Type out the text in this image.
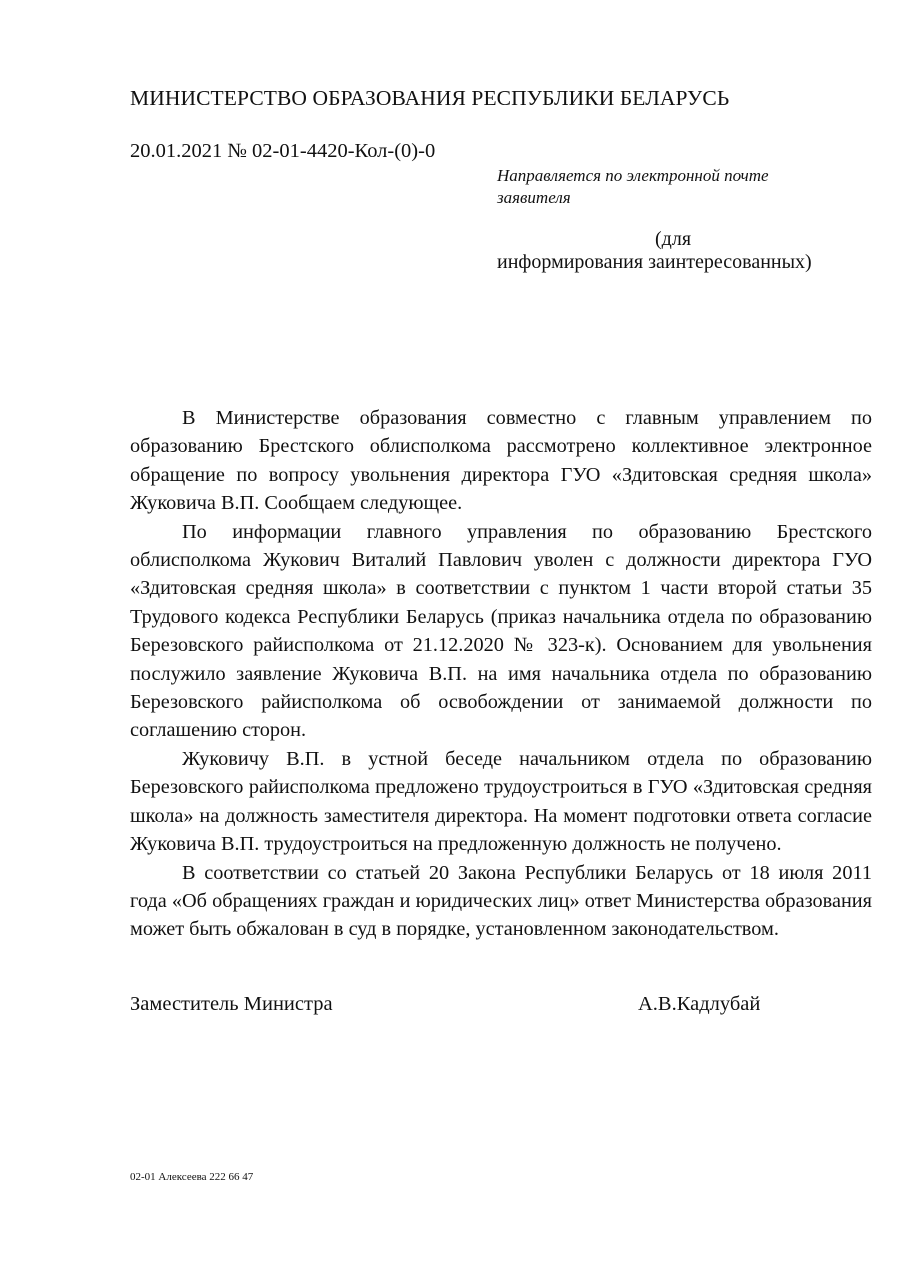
МИНИСТЕРСТВО ОБРАЗОВАНИЯ РЕСПУБЛИКИ БЕЛАРУСЬ
20.01.2021 № 02-01-4420-Кол-(0)-0
Направляется по электронной почте заявителя
(для
информирования заинтересованных)

В Министерстве образования совместно с главным управлением по образованию Брестского облисполкома рассмотрено коллективное электронное обращение по вопросу увольнения директора ГУО «Здитовская средняя школа» Жуковича В.П. Сообщаем следующее.

По информации главного управления по образованию Брестского облисполкома Жукович Виталий Павлович уволен с должности директора ГУО «Здитовская средняя школа» в соответствии с пунктом 1 части второй статьи 35 Трудового кодекса Республики Беларусь (приказ начальника отдела по образованию Березовского райисполкома от 21.12.2020 № 323-к). Основанием для увольнения послужило заявление Жуковича В.П. на имя начальника отдела по образованию Березовского райисполкома об освобождении от занимаемой должности по соглашению сторон.

Жуковичу В.П. в устной беседе начальником отдела по образованию Березовского райисполкома предложено трудоустроиться в ГУО «Здитовская средняя школа» на должность заместителя директора. На момент подготовки ответа согласие Жуковича В.П. трудоустроиться на предложенную должность не получено.

В соответствии со статьей 20 Закона Республики Беларусь от 18 июля 2011 года «Об обращениях граждан и юридических лиц» ответ Министерства образования может быть обжалован в суд в порядке, установленном законодательством.

Заместитель Министра	А.В.Кадлубай
02-01 Алексеева 222 66 47
